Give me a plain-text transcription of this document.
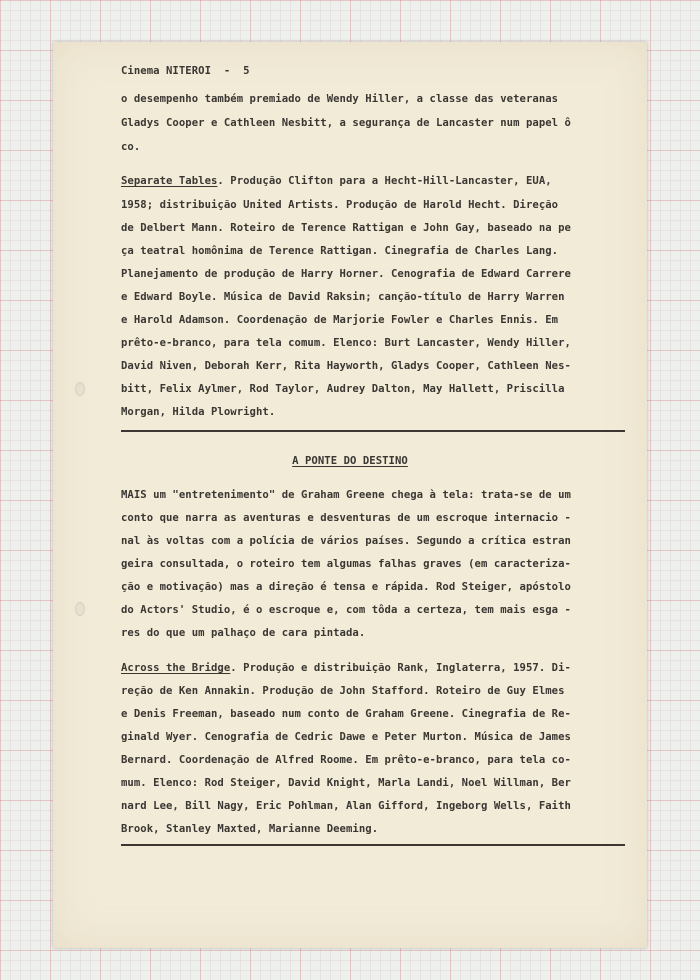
Cinema NITEROI  -  5
o desempenho também premiado de Wendy Hiller, a classe das veteranas
Gladys Cooper e Cathleen Nesbitt, a segurança de Lancaster num papel ô
co.
Separate Tables. Produção Clifton para a Hecht-Hill-Lancaster, EUA,
1958; distribuição United Artists. Produção de Harold Hecht. Direção
de Delbert Mann. Roteiro de Terence Rattigan e John Gay, baseado na pe
ça teatral homônima de Terence Rattigan. Cinegrafia de Charles Lang.
Planejamento de produção de Harry Horner. Cenografia de Edward Carrere
e Edward Boyle. Música de David Raksin; canção-título de Harry Warren
e Harold Adamson. Coordenação de Marjorie Fowler e Charles Ennis. Em
prêto-e-branco, para tela comum. Elenco: Burt Lancaster, Wendy Hiller,
David Niven, Deborah Kerr, Rita Hayworth, Gladys Cooper, Cathleen Nes-
bitt, Felix Aylmer, Rod Taylor, Audrey Dalton, May Hallett, Priscilla
Morgan, Hilda Plowright.
A PONTE DO DESTINO
MAIS um "entretenimento" de Graham Greene chega à tela: trata-se de um
conto que narra as aventuras e desventuras de um escroque internacio -
nal às voltas com a polícia de vários países. Segundo a crítica estran
geira consultada, o roteiro tem algumas falhas graves (em caracteriza-
ção e motivação) mas a direção é tensa e rápida. Rod Steiger, apóstolo
do Actors' Studio, é o escroque e, com tôda a certeza, tem mais esga -
res do que um palhaço de cara pintada.
Across the Bridge. Produção e distribuição Rank, Inglaterra, 1957. Di-
reção de Ken Annakin. Produção de John Stafford. Roteiro de Guy Elmes
e Denis Freeman, baseado num conto de Graham Greene. Cinegrafia de Re-
ginald Wyer. Cenografia de Cedric Dawe e Peter Murton. Música de James
Bernard. Coordenação de Alfred Roome. Em prêto-e-branco, para tela co-
mum. Elenco: Rod Steiger, David Knight, Marla Landi, Noel Willman, Ber
nard Lee, Bill Nagy, Eric Pohlman, Alan Gifford, Ingeborg Wells, Faith
Brook, Stanley Maxted, Marianne Deeming.
